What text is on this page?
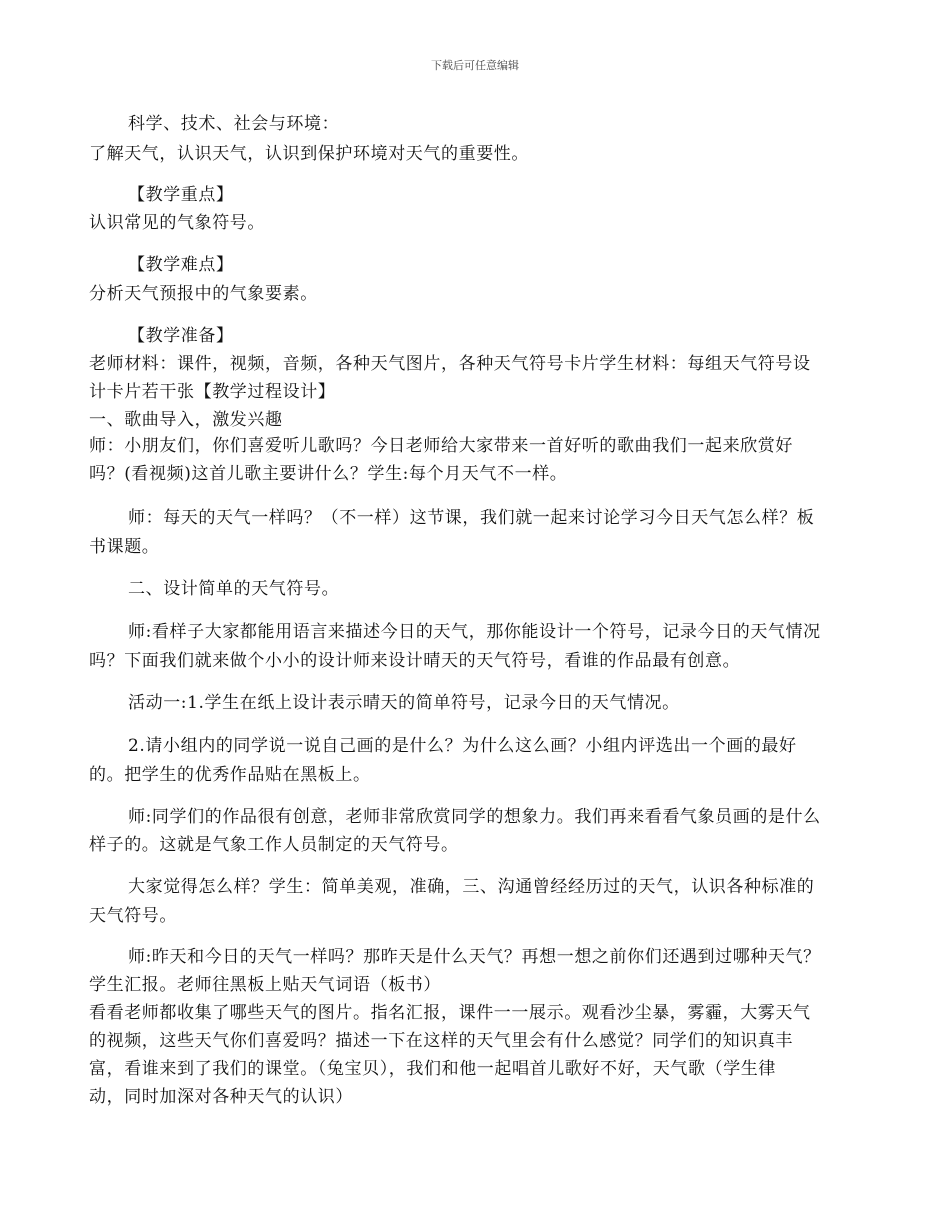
下载后可任意编辑
科学、技术、社会与环境：
了解天气，认识天气，认识到保护环境对天气的重要性。
【教学重点】
认识常见的气象符号。
【教学难点】
分析天气预报中的气象要素。
【教学准备】
老师材料：课件，视频，音频，各种天气图片，各种天气符号卡片学生材料：每组天气符号设
计卡片若干张【教学过程设计】
一、歌曲导入，激发兴趣
师：小朋友们，你们喜爱听儿歌吗？今日老师给大家带来一首好听的歌曲我们一起来欣赏好
吗？(看视频)这首儿歌主要讲什么？学生:每个月天气不一样。
师：每天的天气一样吗？（不一样）这节课，我们就一起来讨论学习今日天气怎么样？板
书课题。
二、设计简单的天气符号。
师:看样子大家都能用语言来描述今日的天气，那你能设计一个符号，记录今日的天气情况
吗？下面我们就来做个小小的设计师来设计晴天的天气符号，看谁的作品最有创意。
活动一:1.学生在纸上设计表示晴天的简单符号，记录今日的天气情况。
2.请小组内的同学说一说自己画的是什么？为什么这么画？小组内评选出一个画的最好
的。把学生的优秀作品贴在黑板上。
师:同学们的作品很有创意，老师非常欣赏同学的想象力。我们再来看看气象员画的是什么
样子的。这就是气象工作人员制定的天气符号。
大家觉得怎么样？学生：简单美观，准确，三、沟通曾经经历过的天气，认识各种标准的
天气符号。
师:昨天和今日的天气一样吗？那昨天是什么天气？再想一想之前你们还遇到过哪种天气？
学生汇报。老师往黑板上贴天气词语（板书）
看看老师都收集了哪些天气的图片。指名汇报，课件一一展示。观看沙尘暴，雾霾，大雾天气
的视频，这些天气你们喜爱吗？描述一下在这样的天气里会有什么感觉？同学们的知识真丰
富，看谁来到了我们的课堂。（兔宝贝），我们和他一起唱首儿歌好不好，天气歌（学生律
动，同时加深对各种天气的认识）
